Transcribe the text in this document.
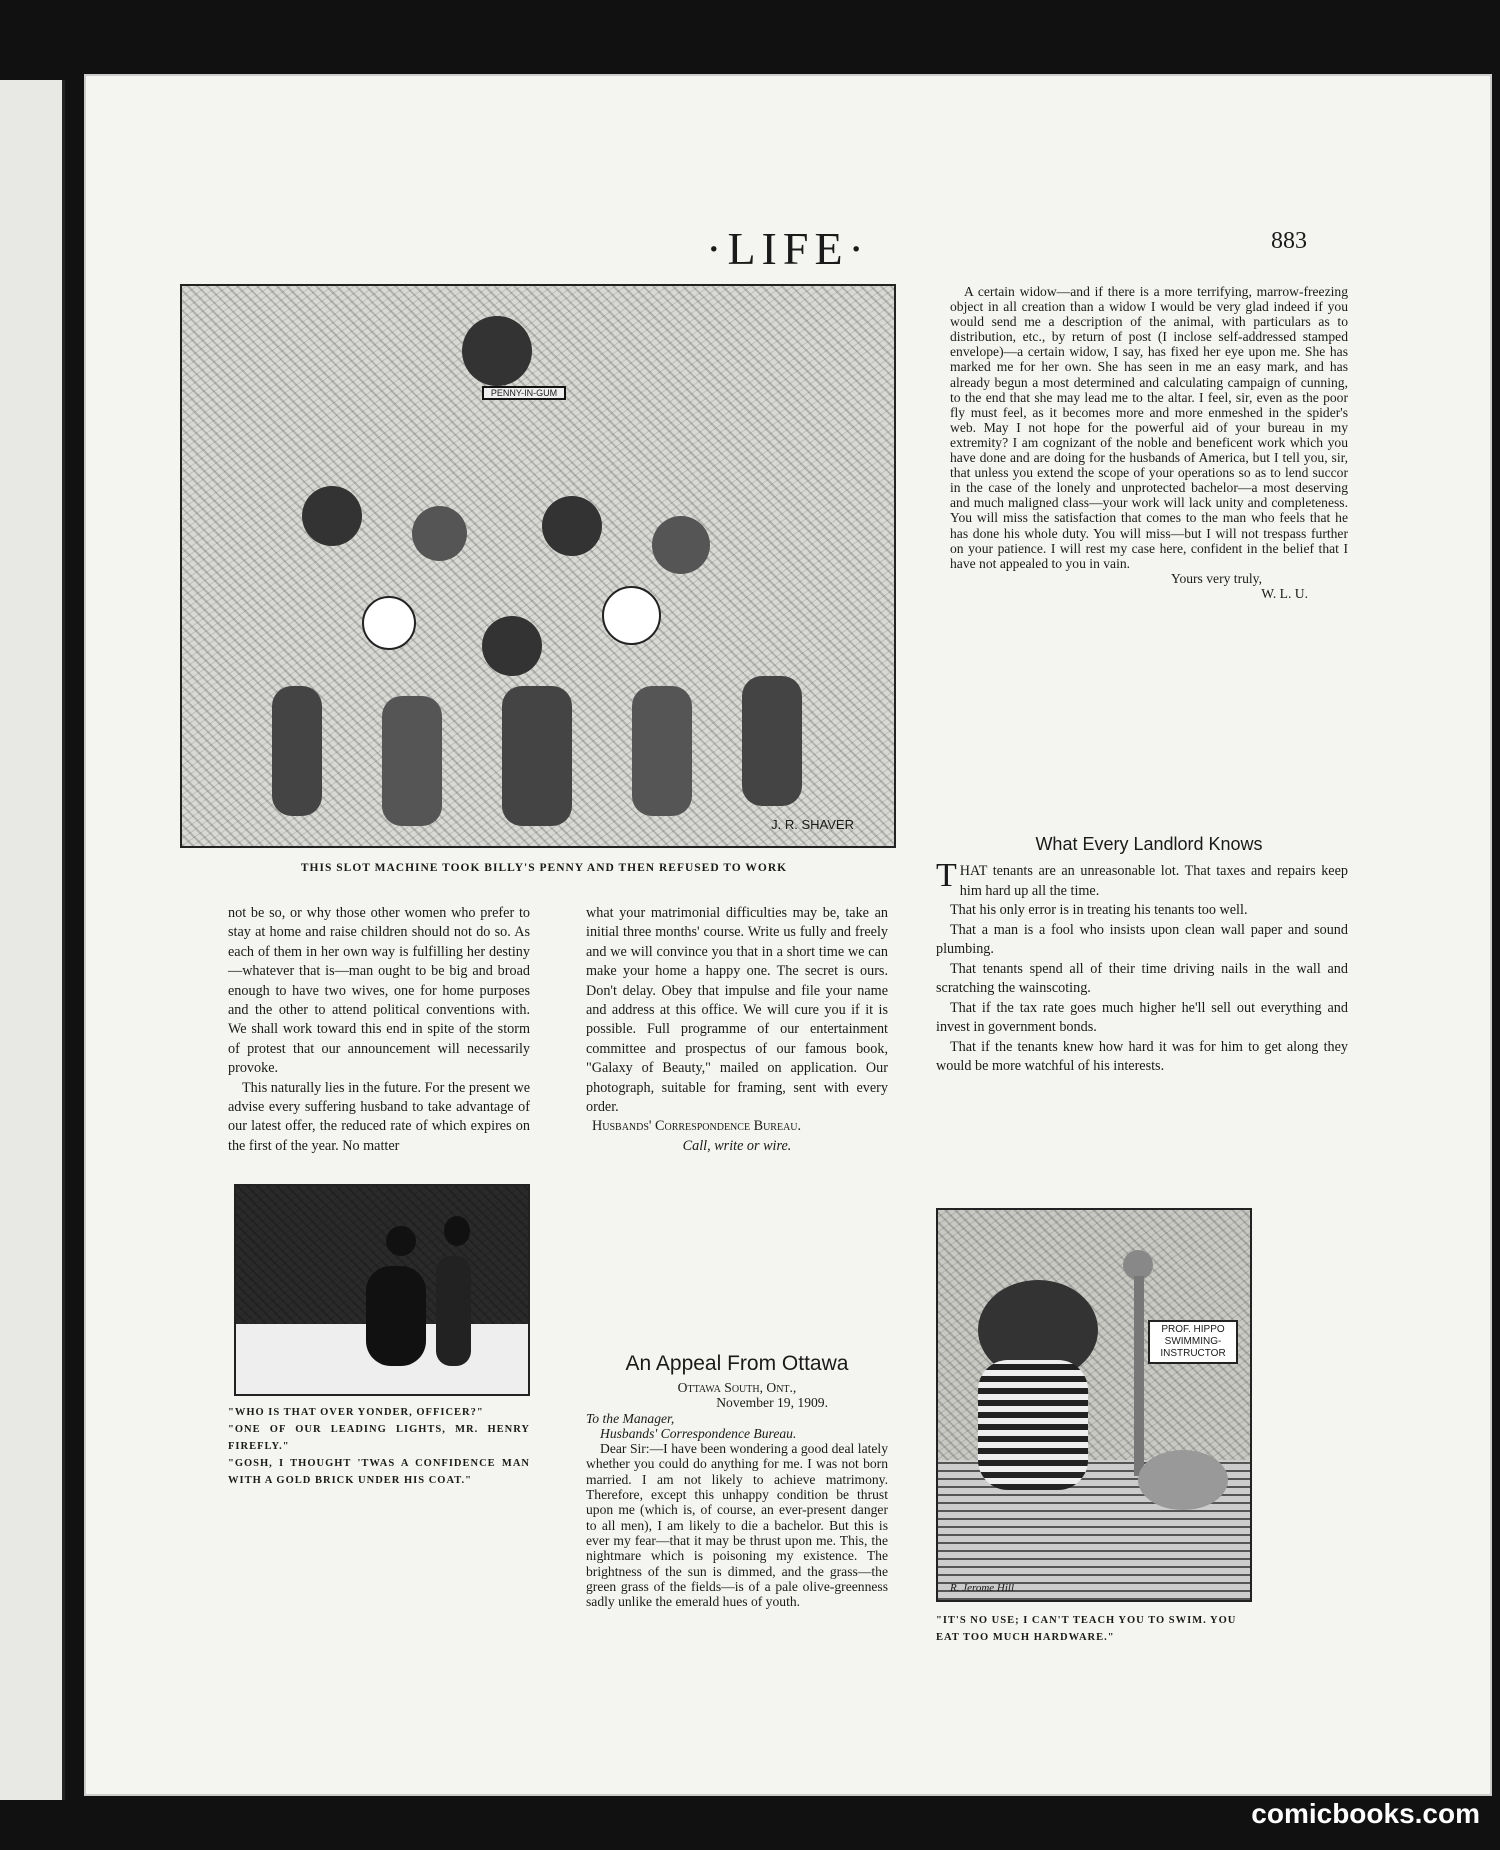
·LIFE·	883
PENNY-IN-GUM
J. R. SHAVER
THIS SLOT MACHINE TOOK BILLY'S PENNY AND THEN REFUSED TO WORK

not be so, or why those other women who prefer to stay at home and raise children should not do so. As each of them in her own way is fulfilling her destiny—whatever that is—man ought to be big and broad enough to have two wives, one for home purposes and the other to attend political conventions with. We shall work toward this end in spite of the storm of protest that our announcement will necessarily provoke.

This naturally lies in the future. For the present we advise every suffering husband to take advantage of our latest offer, the reduced rate of which expires on the first of the year. No matter

"WHO IS THAT OVER YONDER, OFFICER?"
"ONE OF OUR LEADING LIGHTS, MR. HENRY FIREFLY."
"GOSH, I THOUGHT 'TWAS A CONFIDENCE MAN WITH A GOLD BRICK UNDER HIS COAT."

what your matrimonial difficulties may be, take an initial three months' course. Write us fully and freely and we will convince you that in a short time we can make your home a happy one. The secret is ours. Don't delay. Obey that impulse and file your name and address at this office. We will cure you if it is possible. Full programme of our entertainment committee and prospectus of our famous book, "Galaxy of Beauty," mailed on application. Our photograph, suitable for framing, sent with every order.

Husbands' Correspondence Bureau.
Call, write or wire.
An Appeal From Ottawa
Ottawa South, Ont.,
November 19, 1909.
To the Manager,
Husbands' Correspondence Bureau.

Dear Sir:—I have been wondering a good deal lately whether you could do anything for me. I was not born married. I am not likely to achieve matrimony. Therefore, except this unhappy condition be thrust upon me (which is, of course, an ever-present danger to all men), I am likely to die a bachelor. But this is ever my fear—that it may be thrust upon me. This, the nightmare which is poisoning my existence. The brightness of the sun is dimmed, and the grass—the green grass of the fields—is of a pale olive-greenness sadly unlike the emerald hues of youth.

A certain widow—and if there is a more terrifying, marrow-freezing object in all creation than a widow I would be very glad indeed if you would send me a description of the animal, with particulars as to distribution, etc., by return of post (I inclose self-addressed stamped envelope)—a certain widow, I say, has fixed her eye upon me. She has marked me for her own. She has seen in me an easy mark, and has already begun a most determined and calculating campaign of cunning, to the end that she may lead me to the altar. I feel, sir, even as the poor fly must feel, as it becomes more and more enmeshed in the spider's web. May I not hope for the powerful aid of your bureau in my extremity? I am cognizant of the noble and beneficent work which you have done and are doing for the husbands of America, but I tell you, sir, that unless you extend the scope of your operations so as to lend succor in the case of the lonely and unprotected bachelor—a most deserving and much maligned class—your work will lack unity and completeness. You will miss the satisfaction that comes to the man who feels that he has done his whole duty. You will miss—but I will not trespass further on your patience. I will rest my case here, confident in the belief that I have not appealed to you in vain.

Yours very truly,
W. L. U.
What Every Landlord Knows

THAT tenants are an unreasonable lot. That taxes and repairs keep him hard up all the time.

That his only error is in treating his tenants too well.

That a man is a fool who insists upon clean wall paper and sound plumbing.

That tenants spend all of their time driving nails in the wall and scratching the wainscoting.

That if the tax rate goes much higher he'll sell out everything and invest in government bonds.

That if the tenants knew how hard it was for him to get along they would be more watchful of his interests.

PROF. HIPPO SWIMMING-INSTRUCTOR
R. Jerome Hill
"IT'S NO USE; I CAN'T TEACH YOU TO SWIM. YOU EAT TOO MUCH HARDWARE."
comicbooks.com
